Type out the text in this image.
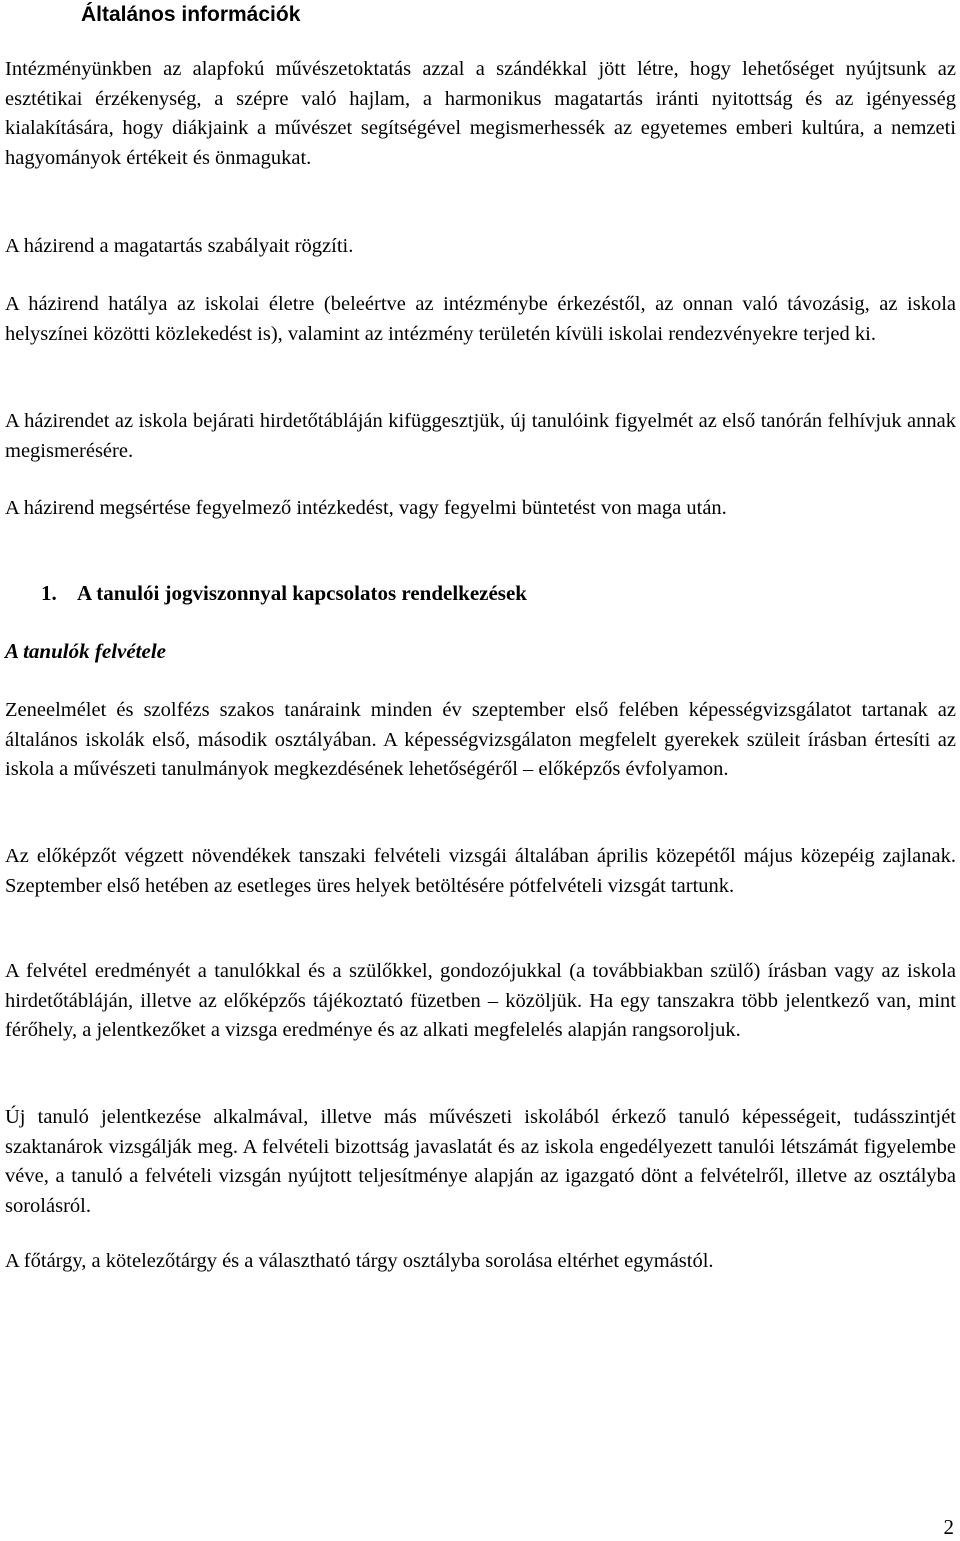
Általános információk

Intézményünkben az alapfokú művészetoktatás azzal a szándékkal jött létre, hogy lehetőséget nyújtsunk az esztétikai érzékenység, a szépre való hajlam, a harmonikus magatartás iránti nyitottság és az igényesség kialakítására, hogy diákjaink a művészet segítségével megismerhessék az egyetemes emberi kultúra, a nemzeti hagyományok értékeit és önmagukat.

A házirend a magatartás szabályait rögzíti.

A házirend hatálya az iskolai életre (beleértve az intézménybe érkezéstől, az onnan való távozásig, az iskola helyszínei közötti közlekedést is), valamint az intézmény területén kívüli iskolai rendezvényekre terjed ki.

A házirendet az iskola bejárati hirdetőtábláján kifüggesztjük, új tanulóink figyelmét az első tanórán felhívjuk annak megismerésére.

A házirend megsértése fegyelmező intézkedést, vagy fegyelmi büntetést von maga után.

1. A tanulói jogviszonnyal kapcsolatos rendelkezések
A tanulók felvétele

Zeneelmélet és szolfézs szakos tanáraink minden év szeptember első felében képességvizsgálatot tartanak az általános iskolák első, második osztályában. A képességvizsgálaton megfelelt gyerekek szüleit írásban értesíti az iskola a művészeti tanulmányok megkezdésének lehetőségéről – előképzős évfolyamon.

Az előképzőt végzett növendékek tanszaki felvételi vizsgái általában április közepétől május közepéig zajlanak. Szeptember első hetében az esetleges üres helyek betöltésére pótfelvételi vizsgát tartunk.

A felvétel eredményét a tanulókkal és a szülőkkel, gondozójukkal (a továbbiakban szülő) írásban vagy az iskola hirdetőtábláján, illetve az előképzős tájékoztató füzetben – közöljük. Ha egy tanszakra több jelentkező van, mint férőhely, a jelentkezőket a vizsga eredménye és az alkati megfelelés alapján rangsoroljuk.

Új tanuló jelentkezése alkalmával, illetve más művészeti iskolából érkező tanuló képességeit, tudásszintjét szaktanárok vizsgálják meg. A felvételi bizottság javaslatát és az iskola engedélyezett tanulói létszámát figyelembe véve, a tanuló a felvételi vizsgán nyújtott teljesítménye alapján az igazgató dönt a felvételről, illetve az osztályba sorolásról.

A főtárgy, a kötelezőtárgy és a választható tárgy osztályba sorolása eltérhet egymástól.

2
